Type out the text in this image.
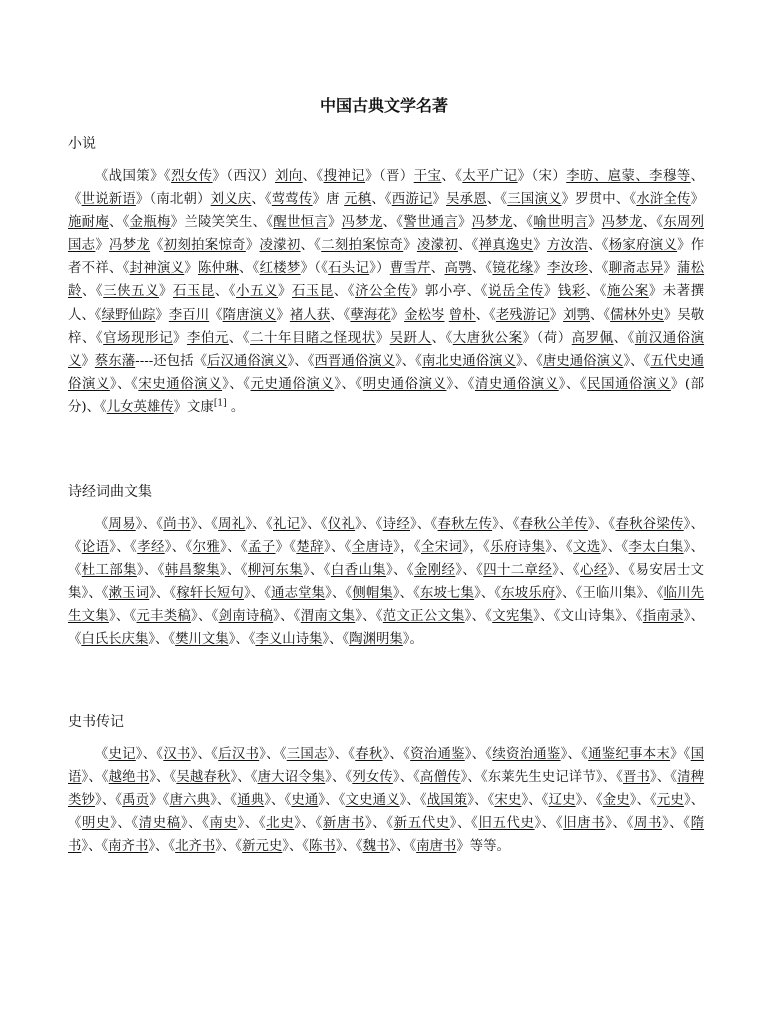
中国古典文学名著
小说

《战国策》《烈女传》（西汉）刘向、《搜神记》（晋）干宝、《太平广记》（宋）李昉、扈蒙、李穆等、《世说新语》（南北朝）刘义庆、《莺莺传》唐 元稹、《西游记》吴承恩、《三国演义》罗贯中、《水浒全传》施耐庵、《金瓶梅》兰陵笑笑生、《醒世恒言》冯梦龙、《警世通言》冯梦龙、《喻世明言》冯梦龙、《东周列国志》冯梦龙《初刻拍案惊奇》凌濛初、《二刻拍案惊奇》凌濛初、《禅真逸史》方汝浩、《杨家府演义》作者不祥、《封神演义》陈仲琳、《红楼梦》（《石头记》）曹雪芹、高鹗、《镜花缘》李汝珍、《聊斋志异》蒲松龄、《三侠五义》石玉昆、《小五义》石玉昆、《济公全传》郭小亭、《说岳全传》钱彩、《施公案》未著撰人、《绿野仙踪》李百川《隋唐演义》褚人获、《孽海花》金松岑 曾朴、《老残游记》刘鹗、《儒林外史》吴敬梓、《官场现形记》李伯元、《二十年目睹之怪现状》吴趼人、《大唐狄公案》（荷）高罗佩、《前汉通俗演义》蔡东藩----还包括《后汉通俗演义》、《西晋通俗演义》、《南北史通俗演义》、《唐史通俗演义》、《五代史通俗演义》、《宋史通俗演义》、《元史通俗演义》、《明史通俗演义》、《清史通俗演义》、《民国通俗演义》(部分)、《儿女英雄传》文康[1] 。

诗经词曲文集

《周易》、《尚书》、《周礼》、《礼记》、《仪礼》、《诗经》、《春秋左传》、《春秋公羊传》、《春秋谷梁传》、《论语》、《孝经》、《尔雅》、《孟子》《楚辞》、《全唐诗》，《全宋词》，《乐府诗集》、《文选》、《李太白集》、《杜工部集》、《韩昌黎集》、《柳河东集》、《白香山集》、《金刚经》、《四十二章经》、《心经》、《易安居士文集》、《漱玉词》、《稼轩长短句》、《通志堂集》、《侧帽集》、《东坡七集》、《东坡乐府》、《王临川集》、《临川先生文集》、《元丰类稿》、《剑南诗稿》、《渭南文集》、《范文正公文集》、《文宪集》、《文山诗集》、《指南录》、《白氏长庆集》、《樊川文集》、《李义山诗集》、《陶渊明集》。

史书传记

《史记》、《汉书》、《后汉书》、《三国志》、《春秋》、《资治通鉴》、《续资治通鉴》、《通鉴纪事本末》《国语》、《越绝书》、《吴越春秋》、《唐大诏令集》、《列女传》、《高僧传》、《东莱先生史记详节》、《晋书》、《清稗类钞》、《禹贡》《唐六典》、《通典》、《史通》、《文史通义》、《战国策》、《宋史》、《辽史》、《金史》、《元史》、《明史》、《清史稿》、《南史》、《北史》、《新唐书》、《新五代史》、《旧五代史》、《旧唐书》、《周书》、《隋书》、《南齐书》、《北齐书》、《新元史》、《陈书》、《魏书》、《南唐书》等等。
